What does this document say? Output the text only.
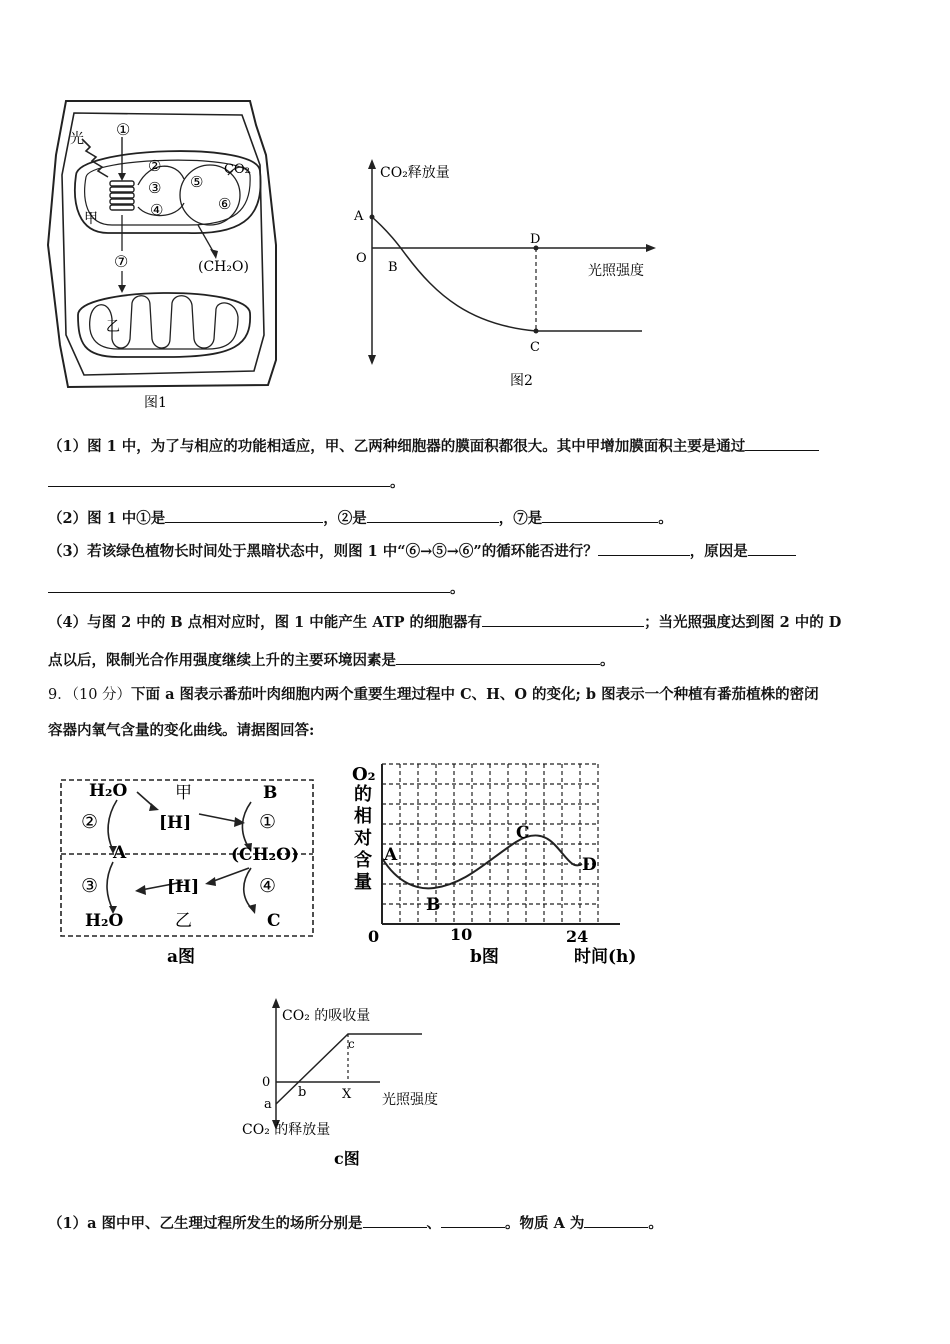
光 ①
②
③
④
⑤
⑥
⑦
CO₂
甲
(CH₂O)
乙
图1
CO₂释放量
光照强度
A
O
B
D
C
图2
（1）图 1 中，为了与相应的功能相适应，甲、乙两种细胞器的膜面积都很大。其中甲增加膜面积主要是通过
。
（2）图 1 中①是	，②是	，⑦是	。
（3）若该绿色植物长时间处于黑暗状态中，则图 1 中“⑥→⑤→⑥”的循环能否进行？	，原因是
。
（4）与图 2 中的 B 点相对应时，图 1 中能产生 ATP 的细胞器有	；当光照强度达到图 2 中的 D
点以后，限制光合作用强度继续上升的主要环境因素是	。
9．（10 分）下面 a 图表示番茄叶肉细胞内两个重要生理过程中 C、H、O 的变化; b 图表示一个种植有番茄植株的密闭
容器内氧气含量的变化曲线。请据图回答:
H₂O	甲	B
②	[H]	①
A	(CH₂O)
③	[H]	④
H₂O	乙	C
a图
O₂
的
相
对
含
量
A
B
C
D
0	10	24
b图	时间(h)
CO₂ 的吸收量
CO₂ 的释放量
光照强度
0
a
b	X
c
c图
（1）a 图中甲、乙生理过程所发生的场所分别是	、	。物质 A 为	。
